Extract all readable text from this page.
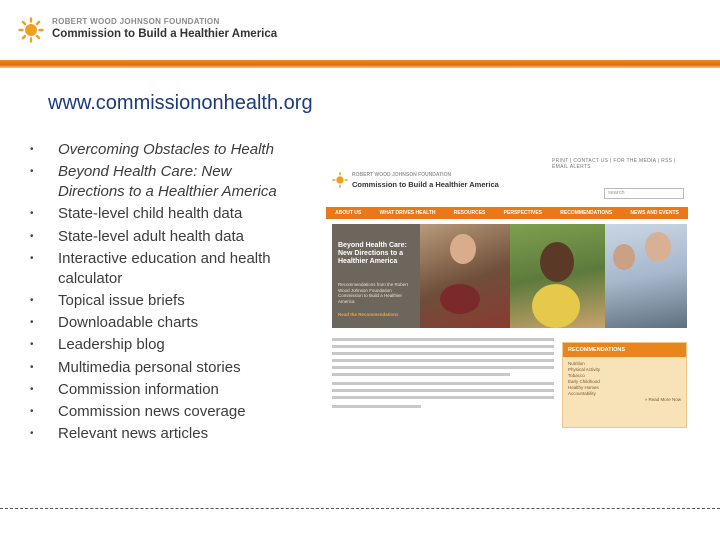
ROBERT WOOD JOHNSON FOUNDATION
Commission to Build a Healthier America
www.commissiononhealth.org
• Overcoming Obstacles to Health
• Beyond Health Care: New Directions to a Healthier America
• State-level child health data
• State-level adult health data
• Interactive education and health calculator
• Topical issue briefs
• Downloadable charts
• Leadership blog
• Multimedia personal stories
• Commission information
• Commission news coverage
• Relevant news articles
PRINT | CONTACT US | FOR THE MEDIA | RSS | EMAIL ALERTS
ROBERT WOOD JOHNSON FOUNDATION
Commission to Build a Healthier America
search
ABOUT US	WHAT DRIVES HEALTH	RESOURCES	PERSPECTIVES	RECOMMENDATIONS	NEWS AND EVENTS
Beyond Health Care: New Directions to a Healthier America
Recommendations from the Robert Wood Johnson Foundation Commission to Build a Healthier America
Read the Recommendations
RECOMMENDATIONS
Nutrition
Physical Activity
Tobacco
Early Childhood
Healthy Homes
Accountability
» Read More Now
